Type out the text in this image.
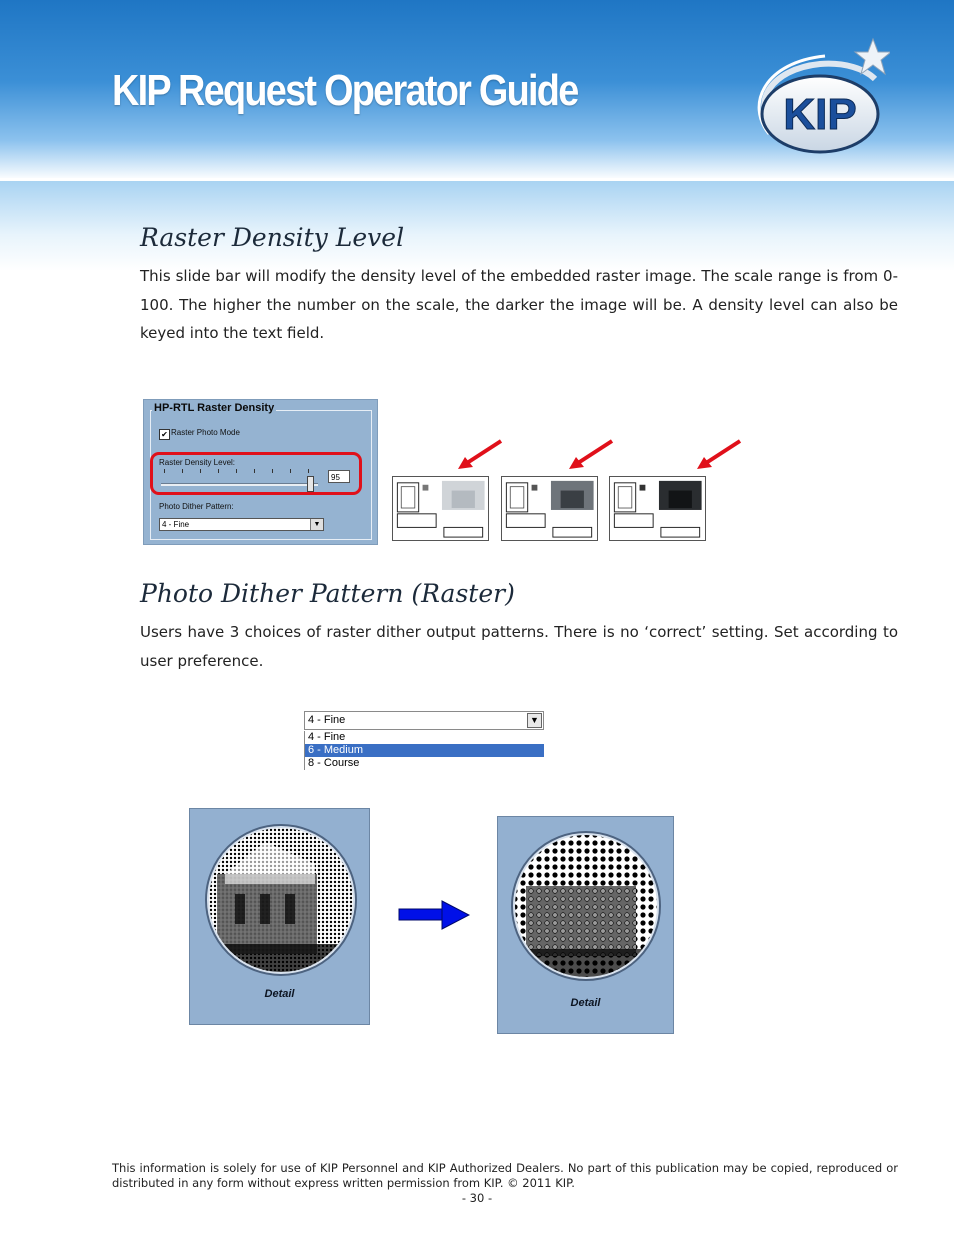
KIP Request Operator Guide	KIP
Raster Density Level
This slide bar will modify the density level of the embedded raster image. The scale range is from 0-100. The higher the number on the scale, the darker the image will be. A density level can also be keyed into the text field.
HP-RTL Raster Density
✔ Raster Photo Mode
Raster Density Level:
95
Photo Dither Pattern:
4 - Fine	▼
Photo Dither Pattern (Raster)
Users have 3 choices of raster dither output patterns. There is no ‘correct’ setting. Set according to user preference.
4 - Fine	▼
4 - Fine
6 - Medium
8 - Course
Detail
Detail
This information is solely for use of KIP Personnel and KIP Authorized Dealers. No part of this publication may be copied, reproduced or distributed in any form without express written permission from KIP. © 2011 KIP.
- 30 -
